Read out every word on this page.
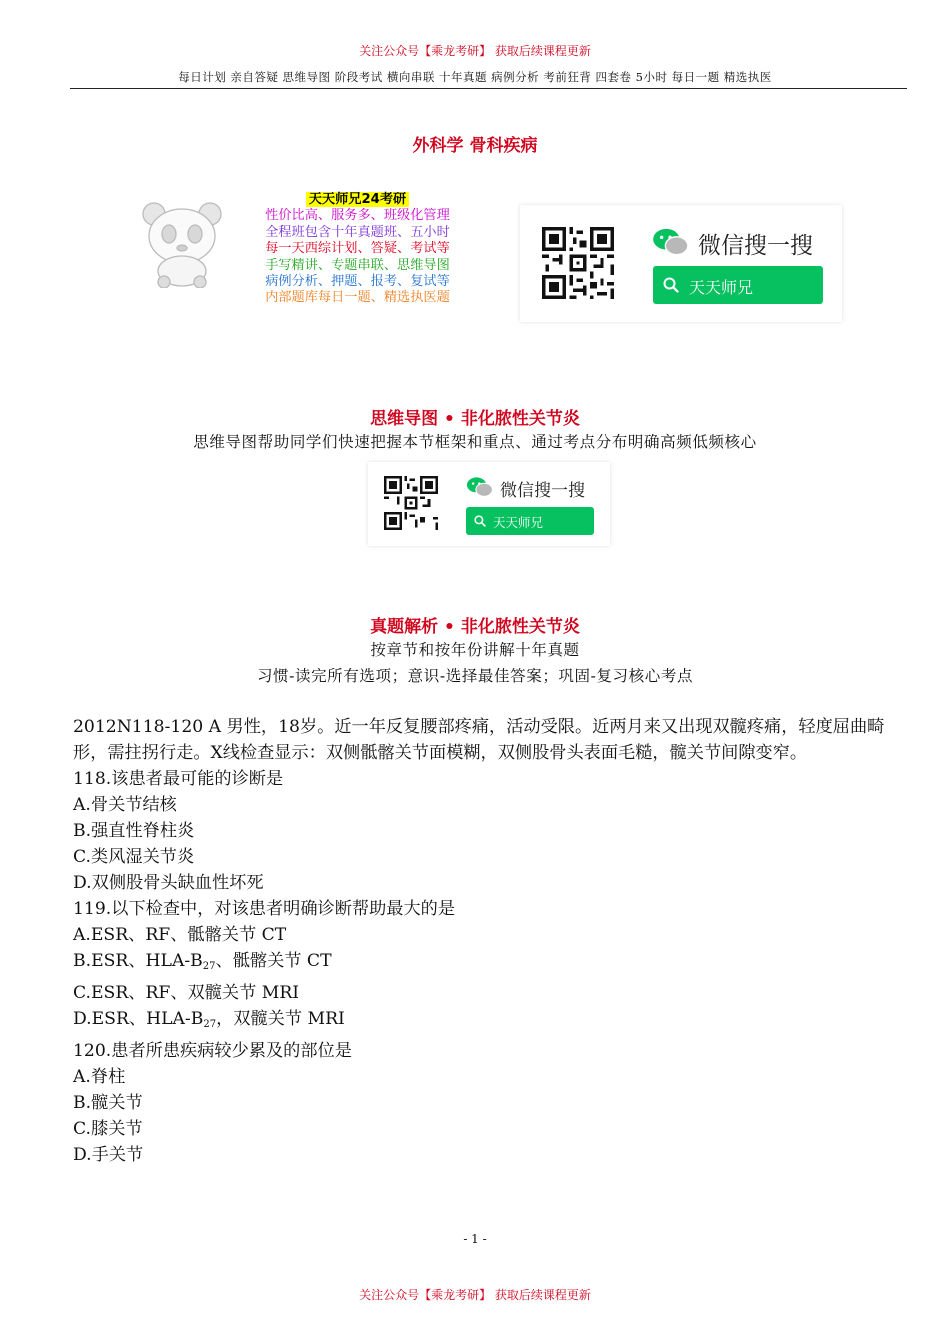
关注公众号【乘龙考研】 获取后续课程更新
每日计划 亲自答疑 思维导图 阶段考试 横向串联 十年真题 病例分析 考前狂背 四套卷 5小时 每日一题 精选执医
外科学 骨科疾病
天天师兄24考研
性价比高、服务多、班级化管理
全程班包含十年真题班、五小时
每一天西综计划、答疑、考试等
手写精讲、专题串联、思维导图
病例分析、押题、报考、复试等
内部题库每日一题、精选执医题
微信搜一搜
天天师兄
思维导图 • 非化脓性关节炎
思维导图帮助同学们快速把握本节框架和重点、通过考点分布明确高频低频核心
微信搜一搜
天天师兄
真题解析 • 非化脓性关节炎
按章节和按年份讲解十年真题
习惯-读完所有选项；意识-选择最佳答案；巩固-复习核心考点

2012N118-120 A 男性，18岁。近一年反复腰部疼痛，活动受限。近两月来又出现双髋疼痛，轻度屈曲畸形，需拄拐行走。X线检查显示：双侧骶髂关节面模糊，双侧股骨头表面毛糙，髋关节间隙变窄。

118.该患者最可能的诊断是

A.骨关节结核

B.强直性脊柱炎

C.类风湿关节炎

D.双侧股骨头缺血性坏死

119.以下检查中，对该患者明确诊断帮助最大的是

A.ESR、RF、骶髂关节 CT

B.ESR、HLA-$B_{27}$、骶髂关节 CT

C.ESR、RF、双髋关节 MRI

D.ESR、HLA-$B_{27}$，双髋关节 MRI

120.患者所患疾病较少累及的部位是

A.脊柱

B.髋关节

C.膝关节

D.手关节

- 1 -
关注公众号【乘龙考研】 获取后续课程更新
